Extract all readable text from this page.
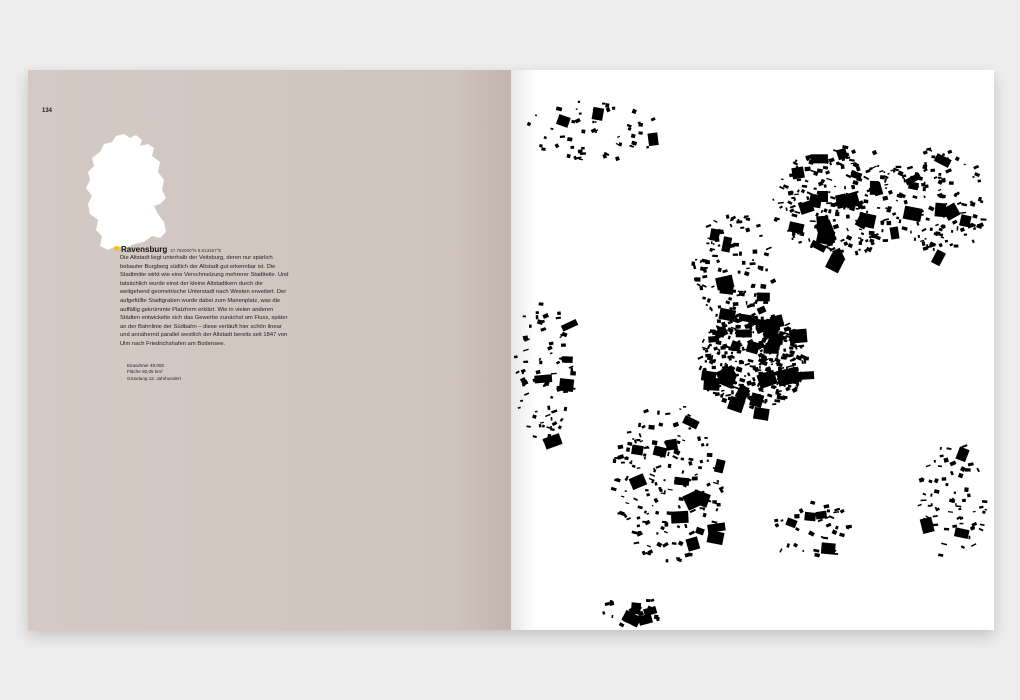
134
Ravensburg 47.782000°N 9.613457°E
Die Altstadt liegt unterhalb der Veitsburg, deren nur spärlich bebauter Burgberg südlich der Altstadt gut erkennbar ist. Die Stadtmitte wirkt wie eine Verschmelzung mehrerer Stadtteile. Und tatsächlich wurde einst der kleine Altstadtkern durch die weitgehend geometrische Unterstadt nach Westen erweitert. Der aufgefüllte Stadtgraben wurde dabei zum Marienplatz, was die auffällig gekrümmte Platzform erklärt. Wie in vielen anderen Städten entwickelte sich das Gewerbe zunächst am Fluss, später an der Bahnlinie der Südbahn – diese verläuft hier schön linear und annähernd parallel westlich der Altstadt bereits seit 1847 von Ulm nach Friedrichshafen am Bodensee.
Einwohner 48.000
Fläche 92,05 km²
Gründung 12. Jahrhundert
